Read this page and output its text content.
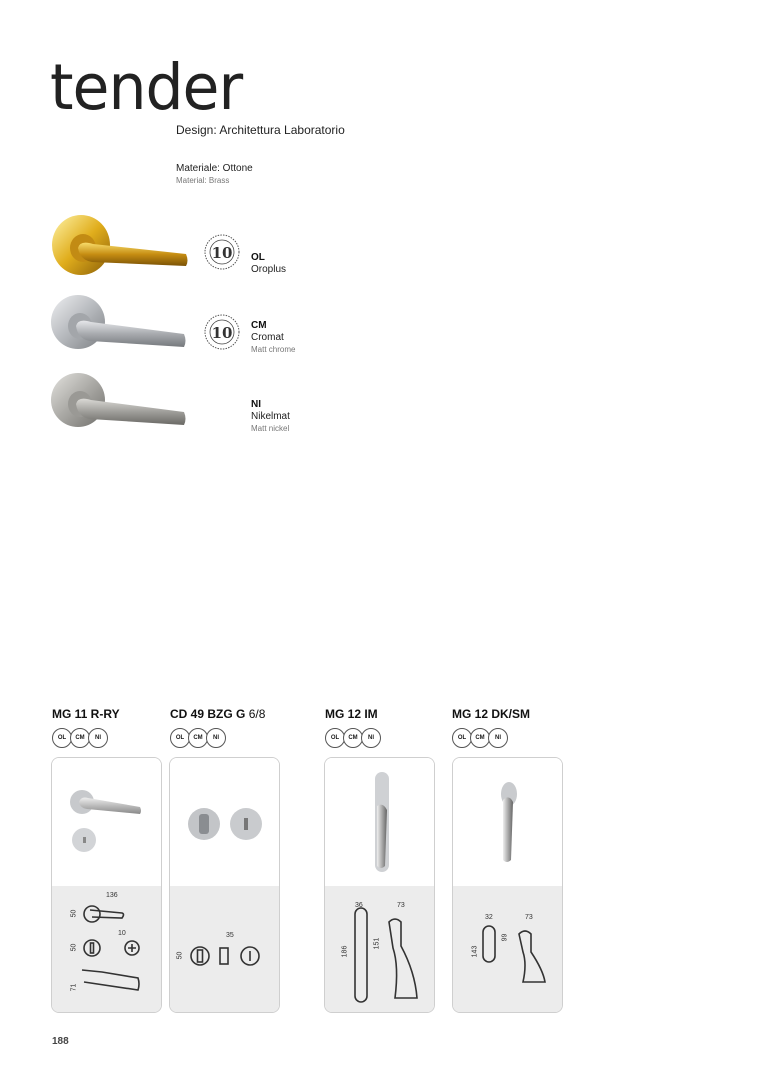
tender
Design: Architettura Laboratorio
Materiale: Ottone
Material: Brass
10 OL
Oroplus
10 CM
Cromat
Matt chrome
NI
Nikelmat
Matt nickel
MG 11 R-RY
OL	CM	NI
136
50
50
10
71
CD 49 BZG G 6/8
OL	CM	NI
35
50
MG 12 IM
OL	CM	NI
36	73
186
151
MG 12 DK/SM
OL	CM	NI
32	73
143
99
188
